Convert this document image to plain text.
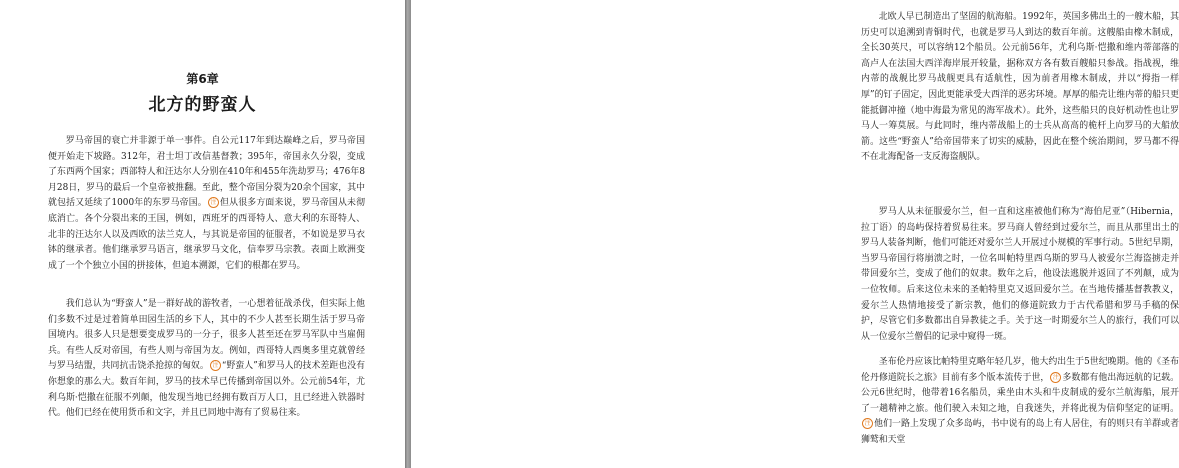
第6章
北方的野蛮人

罗马帝国的衰亡并非源于单一事件。自公元117年到达巅峰之后，罗马帝国便开始走下坡路。312年，君士坦丁改信基督教；395年，帝国永久分裂，变成了东西两个国家；西部特人和汪达尔人分别在410年和455年洗劫罗马；476年8月28日，罗马的最后一个皇帝被推翻。至此，整个帝国分裂为20余个国家，其中就包括又延续了1000年的东罗马帝国。 注 但从很多方面来说，罗马帝国从未彻底消亡。各个分裂出来的王国，例如，西班牙的西哥特人、意大利的东哥特人、北非的汪达尔人以及西欧的法兰克人，与其说是帝国的征服者，不如说是罗马衣钵的继承者。他们继承罗马语言，继承罗马文化，信奉罗马宗教。表面上欧洲变成了一个个独立小国的拼接体，但追本溯源，它们的根都在罗马。

我们总认为“野蛮人”是一群好战的游牧者，一心想着征战杀伐，但实际上他们多数不过是过着简单田园生活的乡下人，其中的不少人甚至长期生活于罗马帝国境内。很多人只是想要变成罗马的一分子，很多人甚至还在罗马军队中当雇佣兵。有些人反对帝国，有些人则与帝国为友。例如，西哥特人西奥多里克就曾经与罗马结盟，共同抗击饶杀抢掠的匈奴。 注 “野蛮人”和罗马人的技术差距也没有你想象的那么大。数百年间，罗马的技术早已传播到帝国以外。公元前54年，尤利乌斯·恺撒在征服不列颠，他发现当地已经拥有数百万人口，且已经进入铁器时代。他们已经在使用货币和文字，并且已同地中海有了贸易往来。

北欧人早已制造出了坚固的航海船。1992年，英国多佛出土的一艘木船，其历史可以追溯到青铜时代，也就是罗马人到达的数百年前。这艘船由橡木制成，全长30英尺，可以容纳12个船员。公元前56年，尤利乌斯·恺撒和维内蒂部落的高卢人在法国大西洋海岸展开较量，据称双方各有数百艘船只参战。指战视，维内蒂的战舰比罗马战舰更具有适航性，因为前者用橡木制成，并以“拇指一样厚”的钉子固定，因此更能承受大西洋的恶劣环境。厚厚的船壳让维内蒂的船只更能抵御冲撞（地中海最为常见的海军战术）。此外，这些船只的良好机动性也让罗马人一筹莫展。与此同时，维内蒂战船上的士兵从高高的桅杆上向罗马的大船放箭。这些“野蛮人”给帝国带来了切实的威胁，因此在整个统治期间，罗马都不得不在北海配备一支反海盗舰队。

罗马人从未征服爱尔兰，但一直和这座被他们称为“海伯尼亚”（Hibernia，拉丁语）的岛屿保持着贸易往来。罗马商人曾经到过爱尔兰，而且从那里出土的罗马人装备判断，他们可能还对爱尔兰人开展过小规模的军事行动。5世纪早期，当罗马帝国行将崩溃之时，一位名叫帕特里西乌斯的罗马人被爱尔兰海盗掳走并带回爱尔兰，变成了他们的奴隶。数年之后，他设法逃脱并返回了不列颠，成为一位牧师。后来这位未来的圣帕特里克又返回爱尔兰。在当地传播基督教教义，爱尔兰人热情地接受了新宗教，他们的修道院致力于古代希腊和罗马手稿的保护，尽管它们多数都出自异教徒之手。关于这一时期爱尔兰人的旅行，我们可以从一位爱尔兰僧侣的记录中窥得一斑。

圣布伦丹应该比帕特里克略年轻几岁，他大约出生于5世纪晚期。他的《圣布伦丹修道院长之旅》目前有多个版本流传于世， 注 多数都有他出海远航的记载。公元6世纪时，他带着16名船员，乘坐由木头和牛皮制成的爱尔兰航海船，展开了一趟精神之旅。他们驶入未知之地，自我迷失，并将此视为信仰坚定的证明。注 他们一路上发现了众多岛屿，书中说有的岛上有人居住，有的则只有羊群或者狮鹫和天堂
